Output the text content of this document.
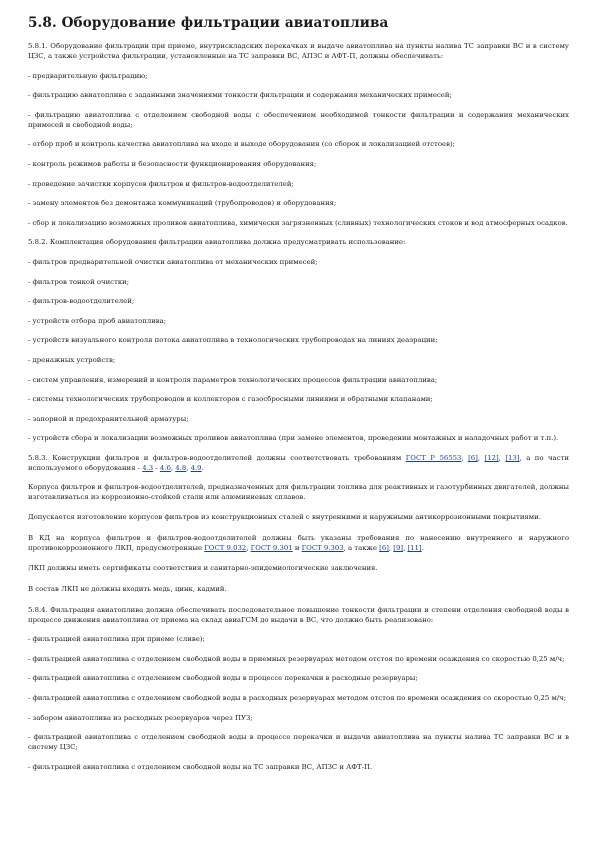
5.8. Оборудование фильтрации авиатоплива

5.8.1. Оборудование фильтрации при приеме, внутрискладских перекачках и выдаче авиатоплива на пункты налива ТС заправки ВС и в систему ЦЗС, а также устройства фильтрации, установленные на ТС заправки ВС, АПЗС и АФТ-П, должны обеспечивать:

- предварительную фильтрацию;

- фильтрацию авиатоплива с заданными значениями тонкости фильтрации и содержания механических примесей;

- фильтрацию авиатоплива с отделением свободной воды с обеспечением необходимой тонкости фильтрации и содержания механических примесей и свободной воды;

- отбор проб и контроль качества авиатоплива на входе и выходе оборудования (со сборок и локализацией отстоев);

- контроль режимов работы и безопасности функционирования оборудования;

- проведение зачистки корпусов фильтров и фильтров-водоотделителей;

- замену элементов без демонтажа коммуникаций (трубопроводов) и оборудования;

- сбор и локализацию возможных проливов авиатоплива, химически загрязненных (сливных) технологических стоков и вод атмосферных осадков.

5.8.2. Комплектация оборудования фильтрации авиатоплива должна предусматривать использование:

- фильтров предварительной очистки авиатоплива от механических примесей;

- фильтров тонкой очистки;

- фильтров-водоотделителей;

- устройств отбора проб авиатоплива;

- устройств визуального контроля потока авиатоплива в технологических трубопроводах на линиях деаэрации;

- дренажных устройств;

- систем управления, измерений и контроля параметров технологических процессов фильтрации авиатоплива;

- системы технологических трубопроводов и коллекторов с газосбросными линиями и обратными клапанами;

- запорной и предохранительной арматуры;

- устройств сбора и локализации возможных проливов авиатоплива (при замене элементов, проведении монтажных и наладочных работ и т.п.).

5.8.3. Конструкции фильтров и фильтров-водоотделителей должны соответствовать требованиям ГОСТ Р 56553, [6], [12], [13], а по части используемого оборудования - 4.3 - 4.6, 4.8, 4.9.

Корпуса фильтров и фильтров-водоотделителей, предназначенных для фильтрации топлива для реактивных и газотурбинных двигателей, должны изготавливаться из коррозионно-стойкой стали или алюминиевых сплавов.

Допускается изготовление корпусов фильтров из конструкционных сталей с внутренними и наружными антикоррозионными покрытиями.

В КД на корпуса фильтров и фильтров-водоотделителей должны быть указаны требования по нанесению внутреннего и наружного противокоррозионного ЛКП, предусмотренные ГОСТ 9.032, ГОСТ 9.301 и ГОСТ 9.303, а также [6], [9], [11].

ЛКП должны иметь сертификаты соответствия и санитарно-эпидемиологические заключения.

В состав ЛКП не должны входить медь, цинк, кадмий.

5.8.4. Фильтрация авиатоплива должна обеспечивать последовательное повышение тонкости фильтрации и степени отделения свободной воды в процессе движения авиатоплива от приема на склад авиаГСМ до выдачи в ВС, что должно быть реализовано:

- фильтрацией авиатоплива при приеме (сливе);

- фильтрацией авиатоплива с отделением свободной воды в приемных резервуарах методом отстоя по времени осаждения со скоростью 0,25 м/ч;

- фильтрацией авиатоплива с отделением свободной воды в процессе перекачки в расходные резервуары;

- фильтрацией авиатоплива с отделением свободной воды в расходных резервуарах методом отстоя по времени осаждения со скоростью 0,25 м/ч;

- забором авиатоплива из расходных резервуаров через ПУЗ;

- фильтрацией авиатоплива с отделением свободной воды в процессе перекачки и выдачи авиатоплива на пункты налива ТС заправки ВС и в систему ЦЗС;

- фильтрацией авиатоплива с отделением свободной воды на ТС заправки ВС, АПЗС и АФТ-П.
